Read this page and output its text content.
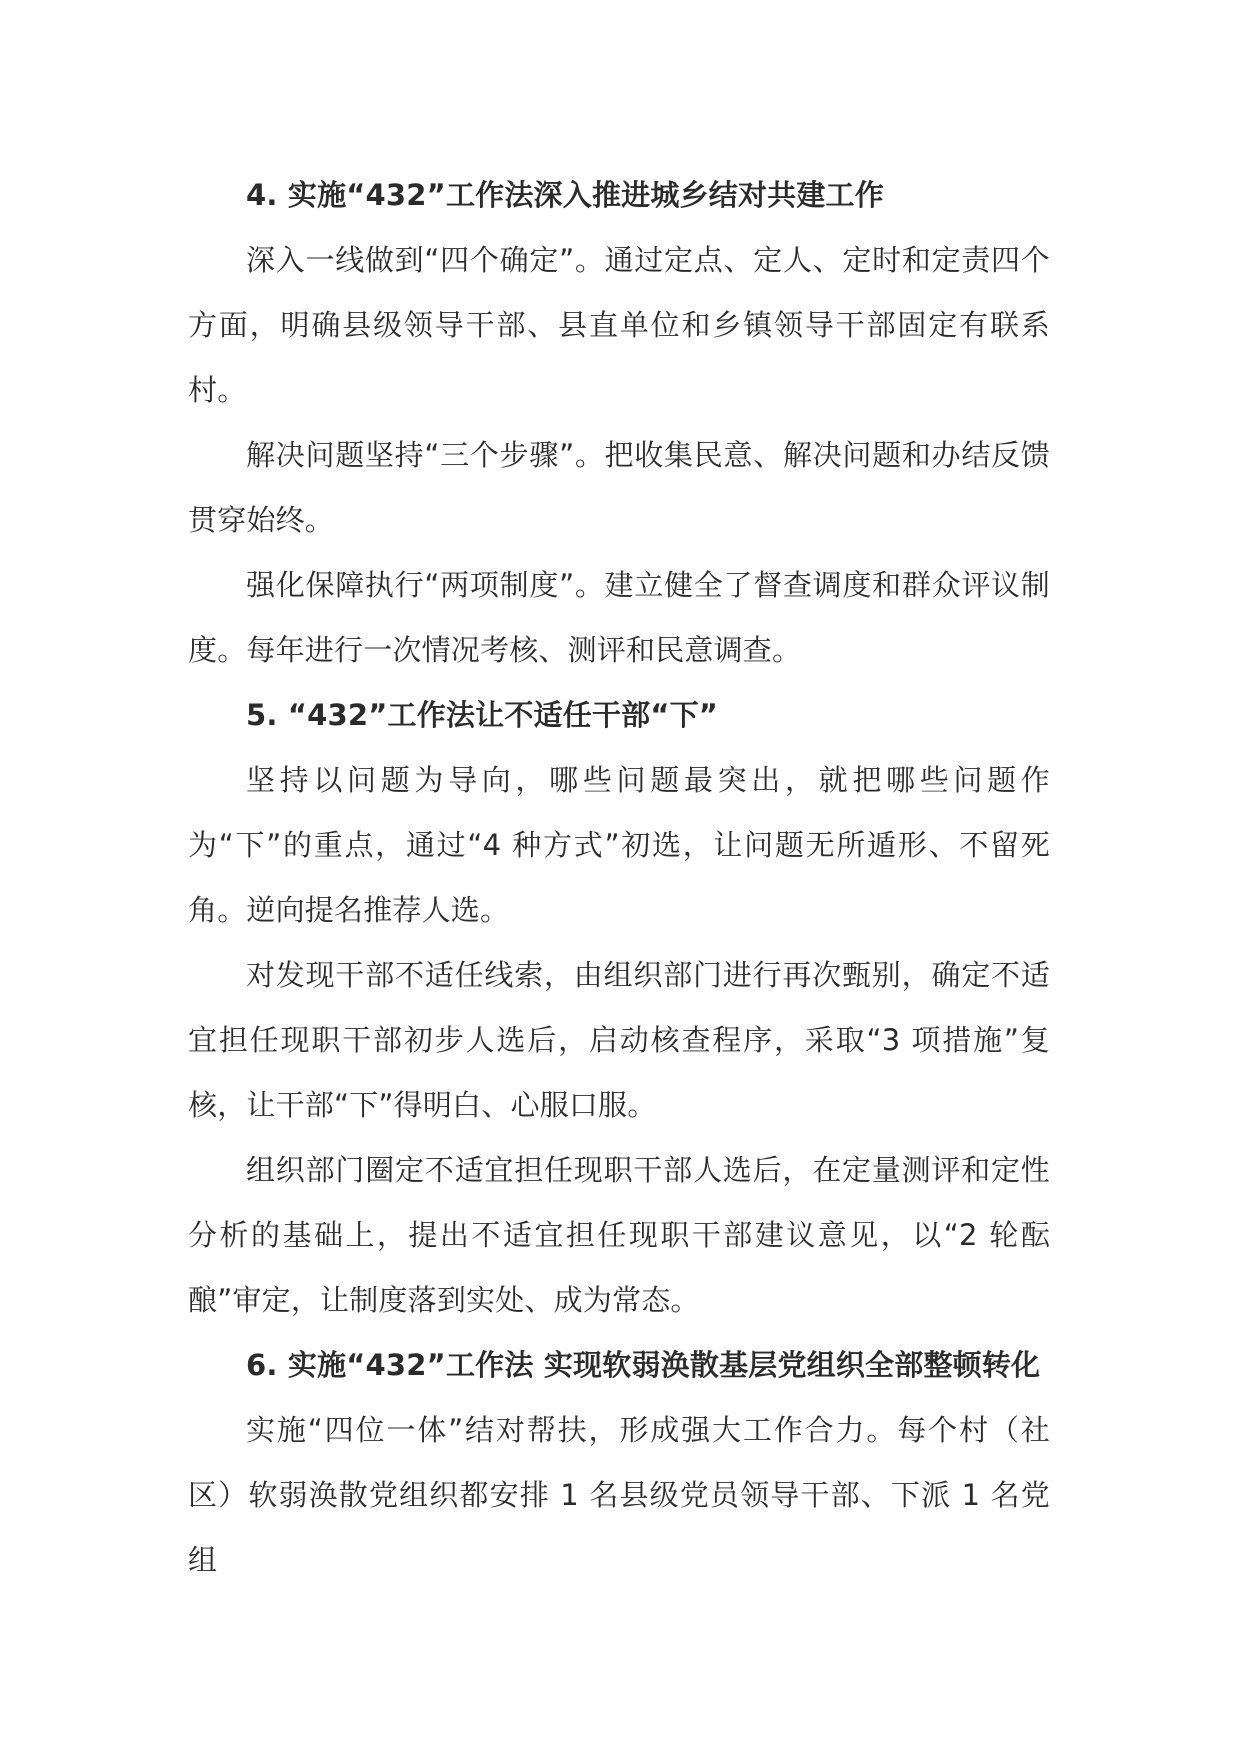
4. 实施“432”工作法深入推进城乡结对共建工作

深入一线做到“四个确定”。通过定点、定人、定时和定责四个方面，明确县级领导干部、县直单位和乡镇领导干部固定有联系村。

解决问题坚持“三个步骤”。把收集民意、解决问题和办结反馈贯穿始终。

强化保障执行“两项制度”。建立健全了督查调度和群众评议制度。每年进行一次情况考核、测评和民意调查。

5. “432”工作法让不适任干部“下”

坚持以问题为导向，哪些问题最突出，就把哪些问题作为“下”的重点，通过“4 种方式”初选，让问题无所遁形、不留死角。逆向提名推荐人选。

对发现干部不适任线索，由组织部门进行再次甄别，确定不适宜担任现职干部初步人选后，启动核查程序，采取“3 项措施”复核，让干部“下”得明白、心服口服。

组织部门圈定不适宜担任现职干部人选后，在定量测评和定性分析的基础上，提出不适宜担任现职干部建议意见，以“2 轮酝酿”审定，让制度落到实处、成为常态。

6. 实施“432”工作法 实现软弱涣散基层党组织全部整顿转化

实施“四位一体”结对帮扶，形成强大工作合力。每个村（社区）软弱涣散党组织都安排 1 名县级党员领导干部、下派 1 名党组
